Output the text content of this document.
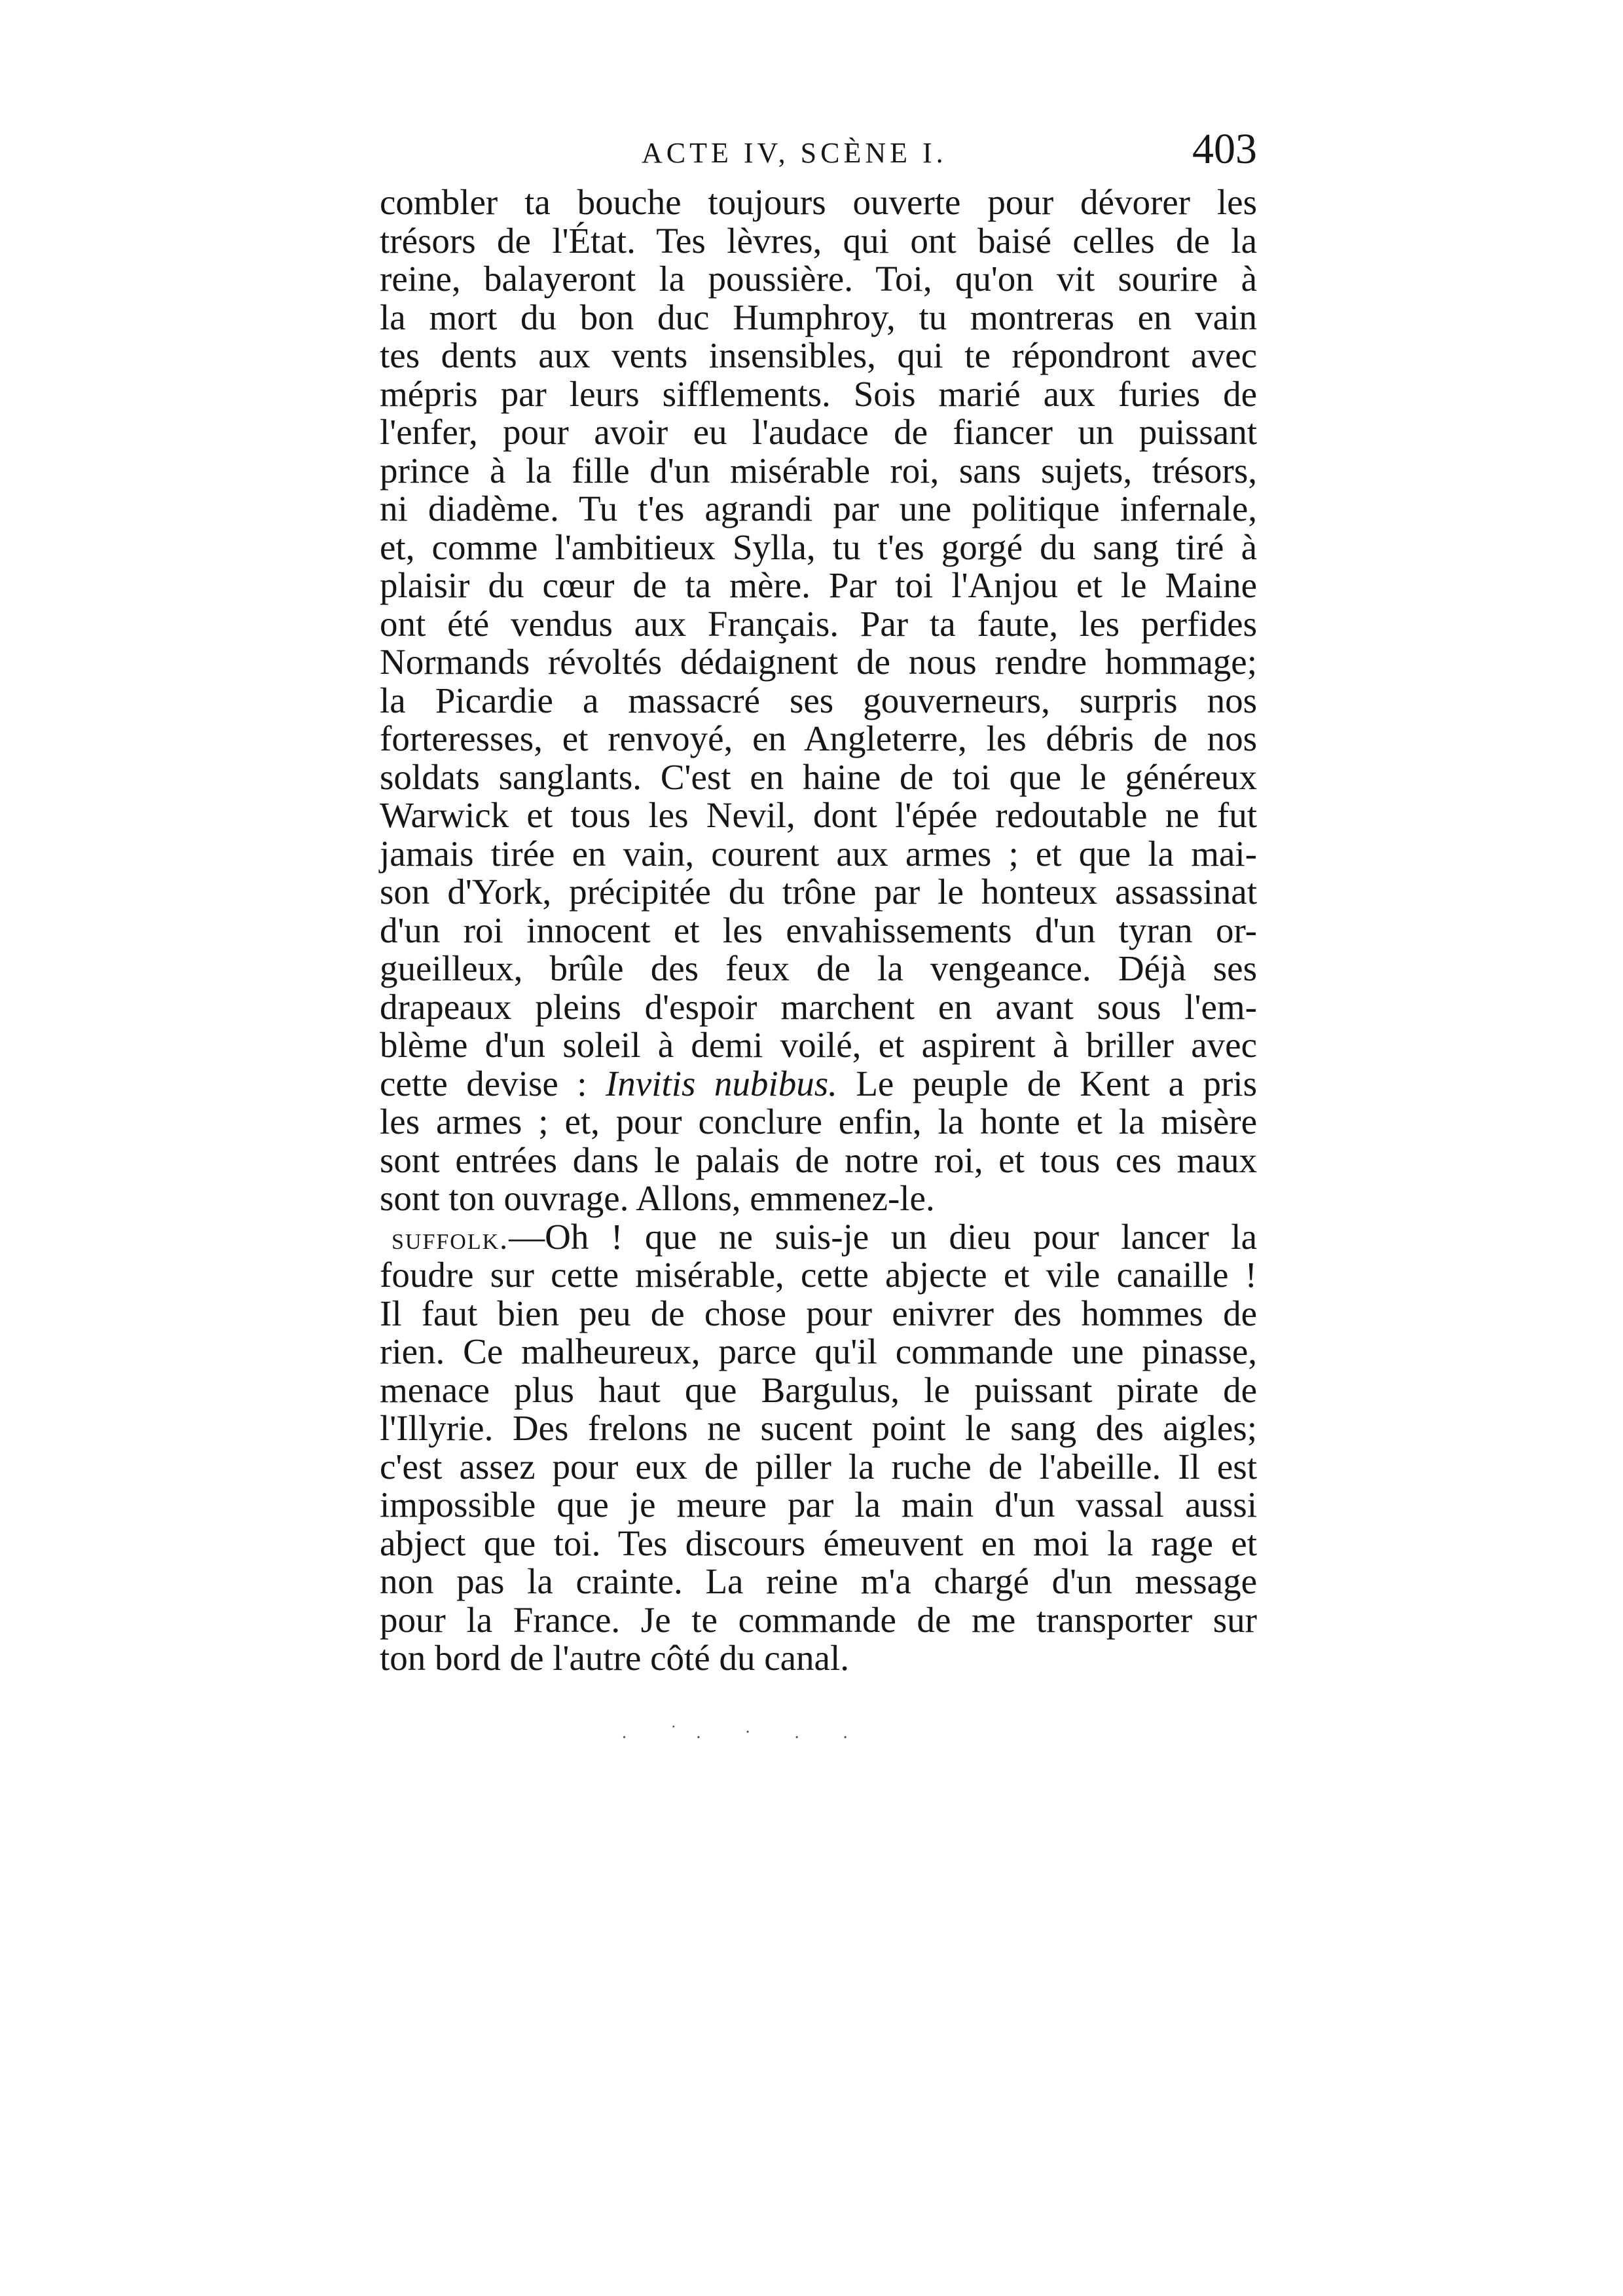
ACTE IV, SCÈNE I.	403
combler ta bouche toujours ouverte pour dévorer les
trésors de l'État. Tes lèvres, qui ont baisé celles de la
reine, balayeront la poussière. Toi, qu'on vit sourire à
la mort du bon duc Humphroy, tu montreras en vain
tes dents aux vents insensibles, qui te répondront avec
mépris par leurs sifflements. Sois marié aux furies de
l'enfer, pour avoir eu l'audace de fiancer un puissant
prince à la fille d'un misérable roi, sans sujets, trésors,
ni diadème. Tu t'es agrandi par une politique infernale,
et, comme l'ambitieux Sylla, tu t'es gorgé du sang tiré à
plaisir du cœur de ta mère. Par toi l'Anjou et le Maine
ont été vendus aux Français. Par ta faute, les perfides
Normands révoltés dédaignent de nous rendre hommage;
la Picardie a massacré ses gouverneurs, surpris nos
forteresses, et renvoyé, en Angleterre, les débris de nos
soldats sanglants. C'est en haine de toi que le généreux
Warwick et tous les Nevil, dont l'épée redoutable ne fut
jamais tirée en vain, courent aux armes ; et que la mai-
son d'York, précipitée du trône par le honteux assassinat
d'un roi innocent et les envahissements d'un tyran or-
gueilleux, brûle des feux de la vengeance. Déjà ses
drapeaux pleins d'espoir marchent en avant sous l'em-
blème d'un soleil à demi voilé, et aspirent à briller avec
cette devise : Invitis nubibus. Le peuple de Kent a pris
les armes ; et, pour conclure enfin, la honte et la misère
sont entrées dans le palais de notre roi, et tous ces maux
sont ton ouvrage. Allons, emmenez-le.
suffolk.—Oh ! que ne suis-je un dieu pour lancer la
foudre sur cette misérable, cette abjecte et vile canaille !
Il faut bien peu de chose pour enivrer des hommes de
rien. Ce malheureux, parce qu'il commande une pinasse,
menace plus haut que Bargulus, le puissant pirate de
l'Illyrie. Des frelons ne sucent point le sang des aigles;
c'est assez pour eux de piller la ruche de l'abeille. Il est
impossible que je meure par la main d'un vassal aussi
abject que toi. Tes discours émeuvent en moi la rage et
non pas la crainte. La reine m'a chargé d'un message
pour la France. Je te commande de me transporter sur
ton bord de l'autre côté du canal.
. ˙. · . .
